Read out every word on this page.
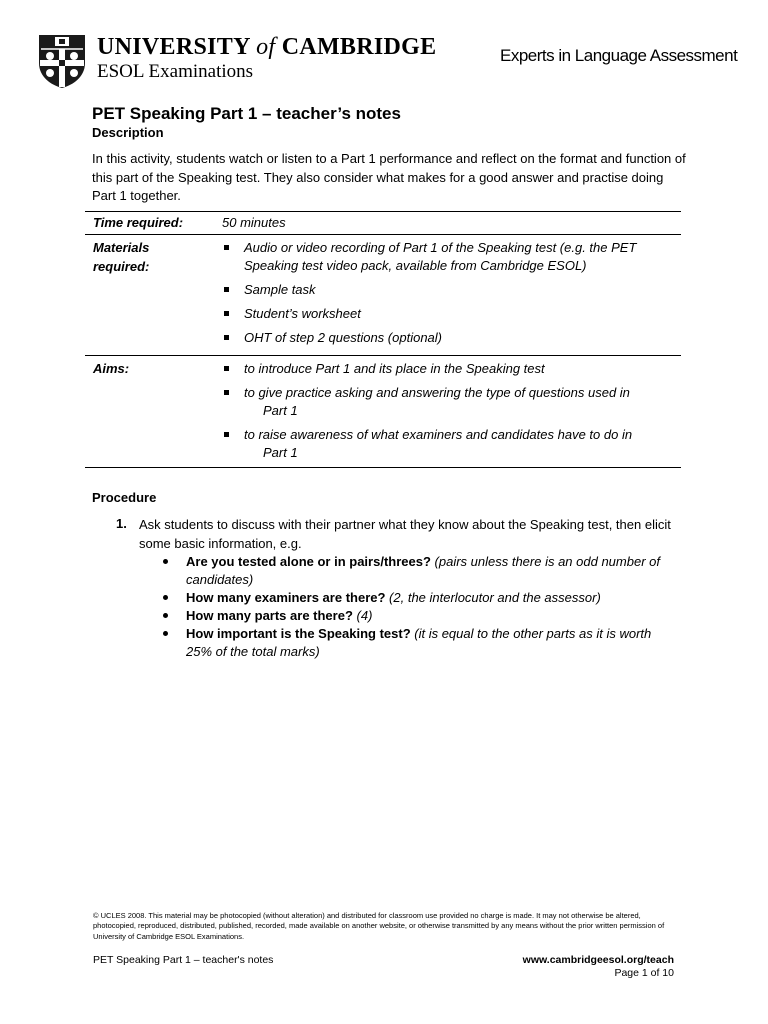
UNIVERSITY of CAMBRIDGE
ESOL Examinations
Experts in Language Assessment
PET Speaking Part 1 – teacher’s notes
Description
In this activity, students watch or listen to a Part 1 performance and reflect on the format and function of this part of the Speaking test. They also consider what makes for a good answer and practise doing Part 1 together.
Time required:	50 minutes
Materials required:
Audio or video recording of Part 1 of the Speaking test (e.g. the PET Speaking test video pack, available from Cambridge ESOL)
Sample task
Student’s worksheet
OHT of step 2 questions (optional)
Aims:	to introduce Part 1 and its place in the Speaking test
to give practice asking and answering the type of questions used in
Part 1
to raise awareness of what examiners and candidates have to do in
Part 1
Procedure
1. Ask students to discuss with their partner what they know about the Speaking test, then elicit some basic information, e.g.
Are you tested alone or in pairs/threes? (pairs unless there is an odd number of candidates)
How many examiners are there? (2, the interlocutor and the assessor)
How many parts are there? (4)
How important is the Speaking test? (it is equal to the other parts as it is worth 25% of the total marks)
© UCLES 2008. This material may be photocopied (without alteration) and distributed for classroom use provided no charge is made. It may not otherwise be altered, photocopied, reproduced, distributed, published, recorded, made available on another website, or otherwise transmitted by any means without the prior written permission of University of Cambridge ESOL Examinations.
PET Speaking Part 1 – teacher's notes	www.cambridgeesol.org/teach
Page 1 of 10
